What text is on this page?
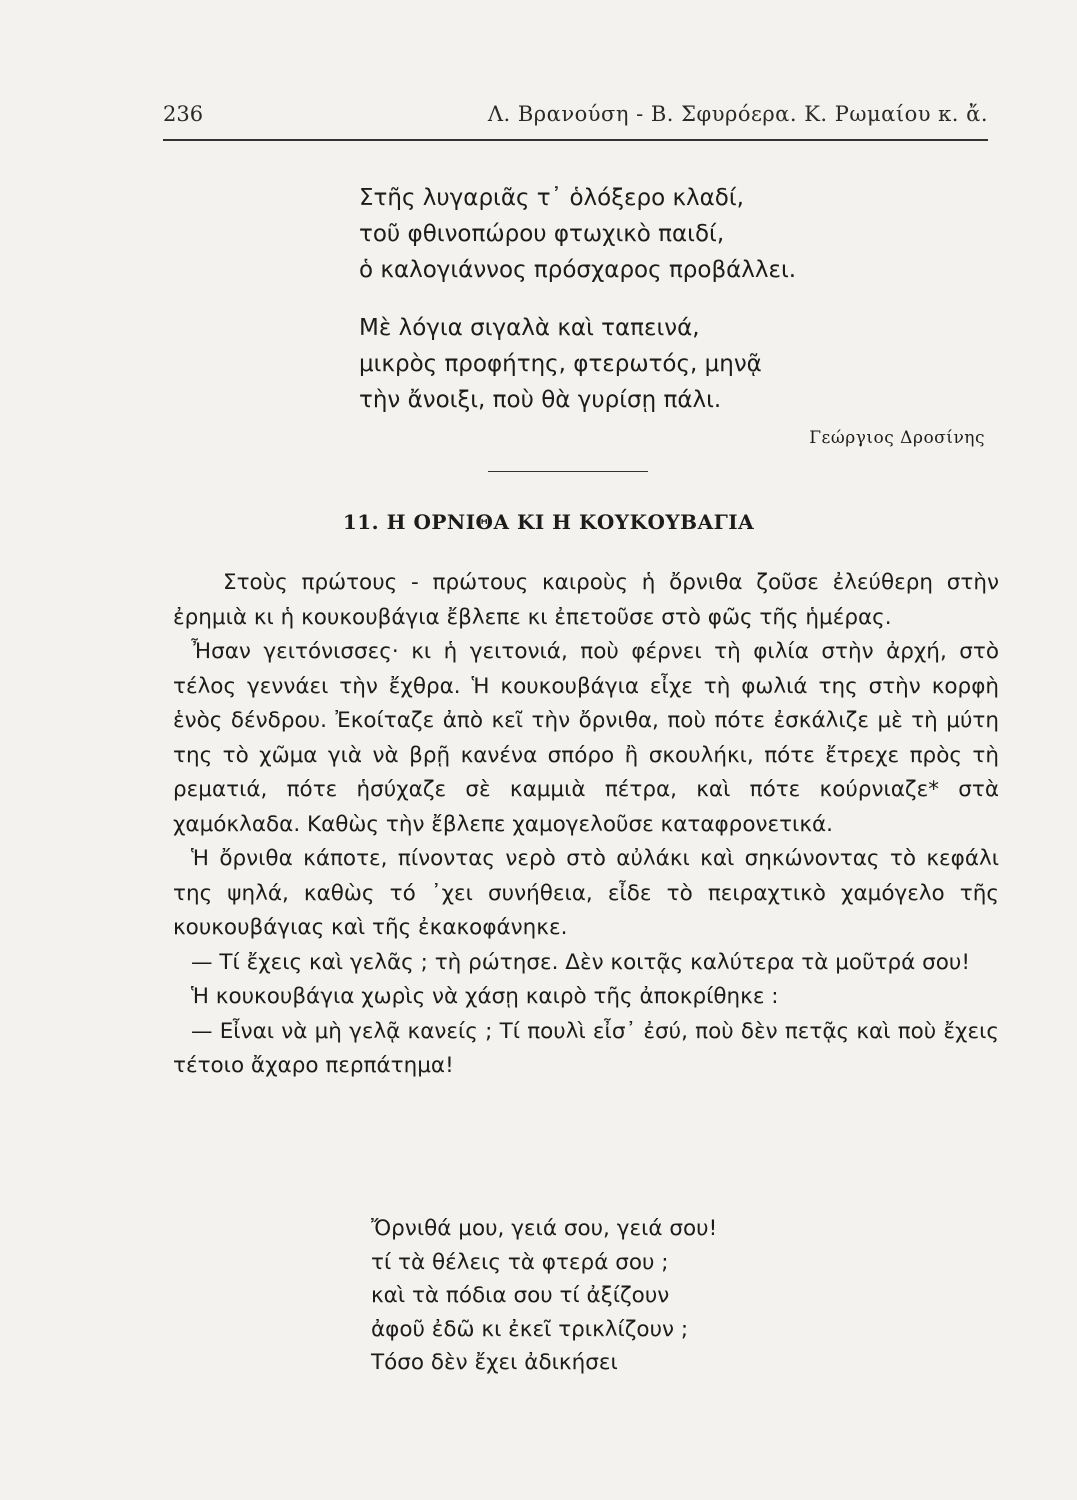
236	Λ. Βρανούση - Β. Σφυρόερα. Κ. Ρωμαίου κ. ἄ.
Στῆς λυγαριᾶς τ᾽ ὁλόξερο κλαδί,
τοῦ φθινοπώρου φτωχικὸ παιδί,
ὁ καλογιάννος πρόσχαρος προβάλλει.
Μὲ λόγια σιγαλὰ καὶ ταπεινά,
μικρὸς προφήτης, φτερωτός, μηνᾷ
τὴν ἄνοιξι, ποὺ θὰ γυρίσῃ πάλι.
Γεώργιος Δροσίνης
11. Η ΟΡΝΙΘΑ ΚΙ Η ΚΟΥΚΟΥΒΑΓΙΑ

Στοὺς πρώτους - πρώτους καιροὺς ἡ ὄρνιθα ζοῦσε ἐλεύθερη στὴν ἐρημιὰ κι ἡ κουκουβάγια ἔβλεπε κι ἐπετοῦσε στὸ φῶς τῆς ἡμέρας.

Ἦσαν γειτόνισσες· κι ἡ γειτονιά, ποὺ φέρνει τὴ φιλία στὴν ἀρχή, στὸ τέλος γεννάει τὴν ἔχθρα. Ἡ κουκουβάγια εἶχε τὴ φωλιά της στὴν κορφὴ ἑνὸς δένδρου. Ἐκοίταζε ἀπὸ κεῖ τὴν ὄρνιθα, ποὺ πότε ἐσκάλιζε μὲ τὴ μύτη της τὸ χῶμα γιὰ νὰ βρῇ κανένα σπόρο ἢ σκουλήκι, πότε ἔτρεχε πρὸς τὴ ρεματιά, πότε ἡσύχαζε σὲ καμμιὰ πέτρα, καὶ πότε κούρνιαζε* στὰ χαμόκλαδα. Καθὼς τὴν ἔβλεπε χαμογελοῦσε καταφρονετικά.

Ἡ ὄρνιθα κάποτε, πίνοντας νερὸ στὸ αὐλάκι καὶ σηκώνοντας τὸ κεφάλι της ψηλά, καθὼς τό ᾽χει συνήθεια, εἶδε τὸ πειραχτικὸ χαμόγελο τῆς κουκουβάγιας καὶ τῆς ἐκακοφάνηκε.

— Τί ἔχεις καὶ γελᾶς ; τὴ ρώτησε. Δὲν κοιτᾷς καλύτερα τὰ μοῦτρά σου!

Ἡ κουκουβάγια χωρὶς νὰ χάσῃ καιρὸ τῆς ἀποκρίθηκε :

— Εἶναι νὰ μὴ γελᾷ κανείς ; Τί πουλὶ εἶσ᾽ ἐσύ, ποὺ δὲν πετᾷς καὶ ποὺ ἔχεις τέτοιο ἄχαρο περπάτημα!

Ὄρνιθά μου, γειά σου, γειά σου!
τί τὰ θέλεις τὰ φτερά σου ;
καὶ τὰ πόδια σου τί ἀξίζουν
ἀφοῦ ἐδῶ κι ἐκεῖ τρικλίζουν ;
Τόσο δὲν ἔχει ἀδικήσει
